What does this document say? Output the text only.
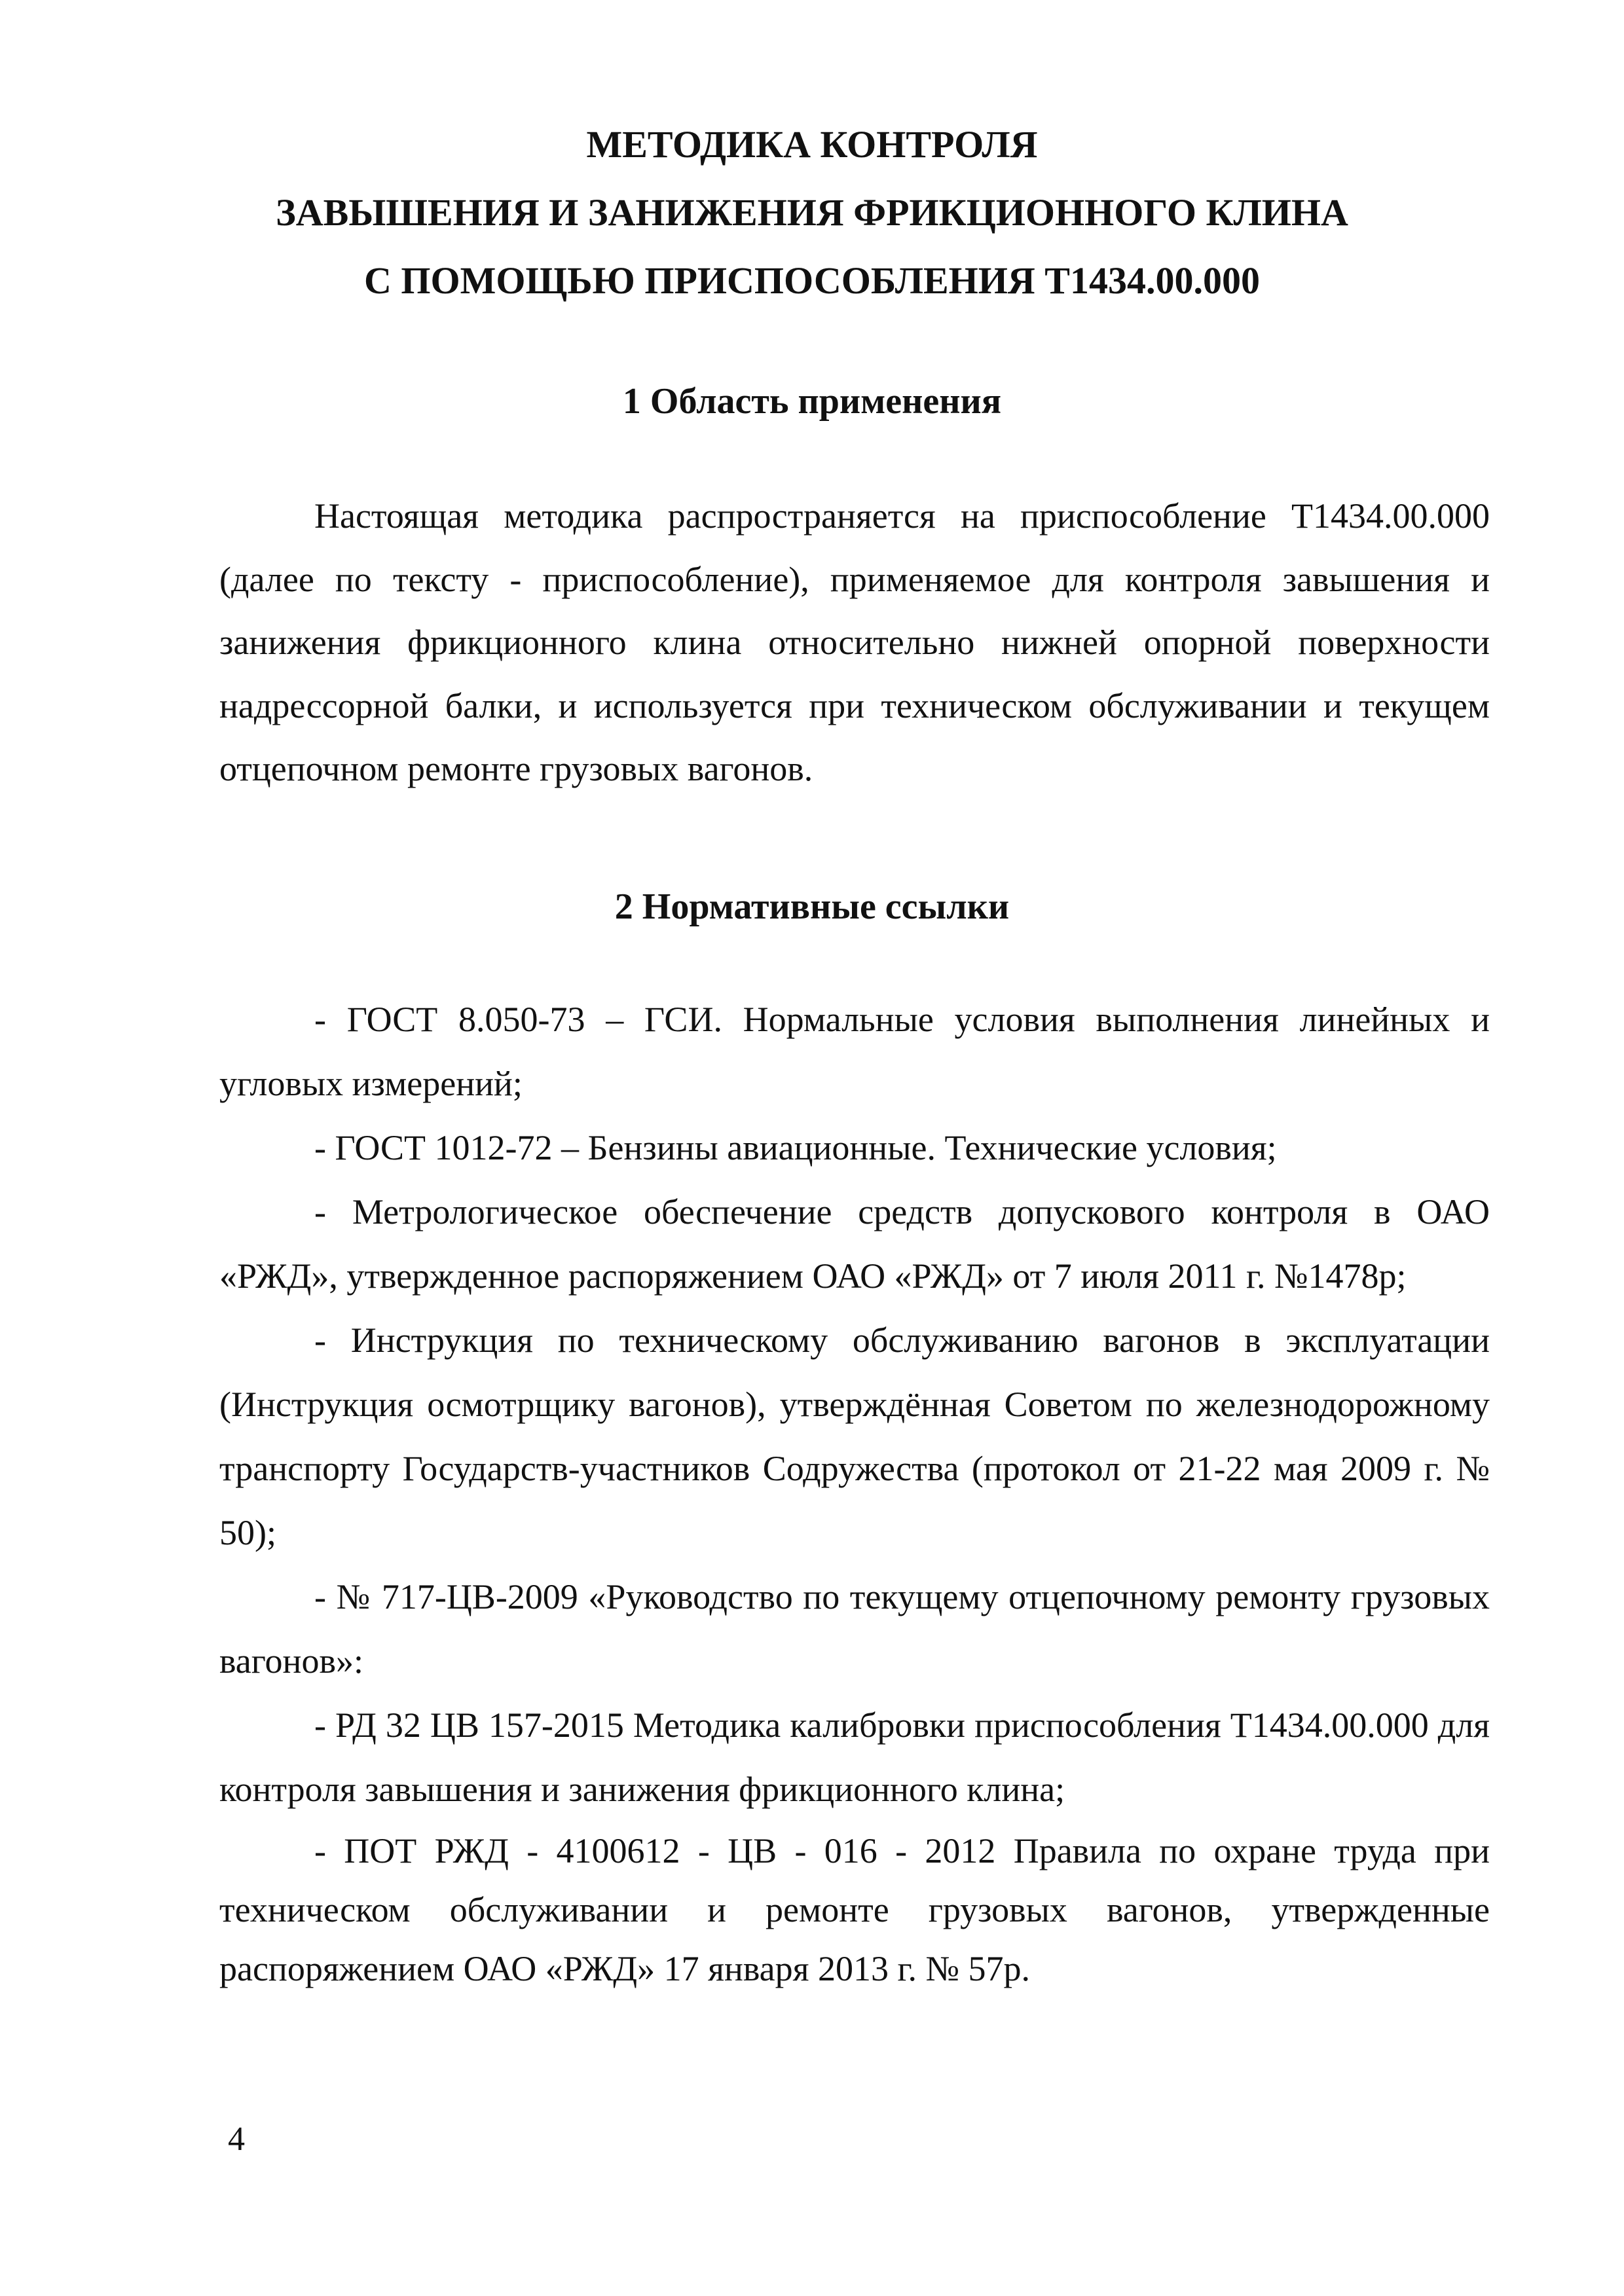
МЕТОДИКА КОНТРОЛЯ
ЗАВЫШЕНИЯ И ЗАНИЖЕНИЯ ФРИКЦИОННОГО КЛИНА
С ПОМОЩЬЮ ПРИСПОСОБЛЕНИЯ Т1434.00.000
1 Область применения

Настоящая методика распространяется на приспособление Т1434.00.000 (далее по тексту - приспособление), применяемое для контроля завышения и занижения фрикционного клина относительно нижней опорной поверхности надрессорной балки, и используется при техническом обслуживании и текущем отцепочном ремонте грузовых вагонов.

2 Нормативные ссылки

- ГОСТ 8.050-73 – ГСИ. Нормальные условия выполнения линейных и угловых измерений;

- ГОСТ 1012-72 – Бензины авиационные. Технические условия;

- Метрологическое обеспечение средств допускового контроля в ОАО «РЖД», утвержденное распоряжением ОАО «РЖД» от 7 июля 2011 г. №1478р;

- Инструкция по техническому обслуживанию вагонов в эксплуатации (Инструкция осмотрщику вагонов), утверждённая Советом по железнодорожному транспорту Государств-участников Содружества (протокол от 21-22 мая 2009 г. № 50);

- № 717-ЦВ-2009 «Руководство по текущему отцепочному ремонту грузовых вагонов»:

- РД 32 ЦВ 157-2015 Методика калибровки приспособления Т1434.00.000 для контроля завышения и занижения фрикционного клина;

- ПОТ РЖД - 4100612 - ЦВ - 016 - 2012 Правила по охране труда при техническом обслуживании и ремонте грузовых вагонов, утвержденные распоряжением ОАО «РЖД» 17 января 2013 г. № 57р.

4
